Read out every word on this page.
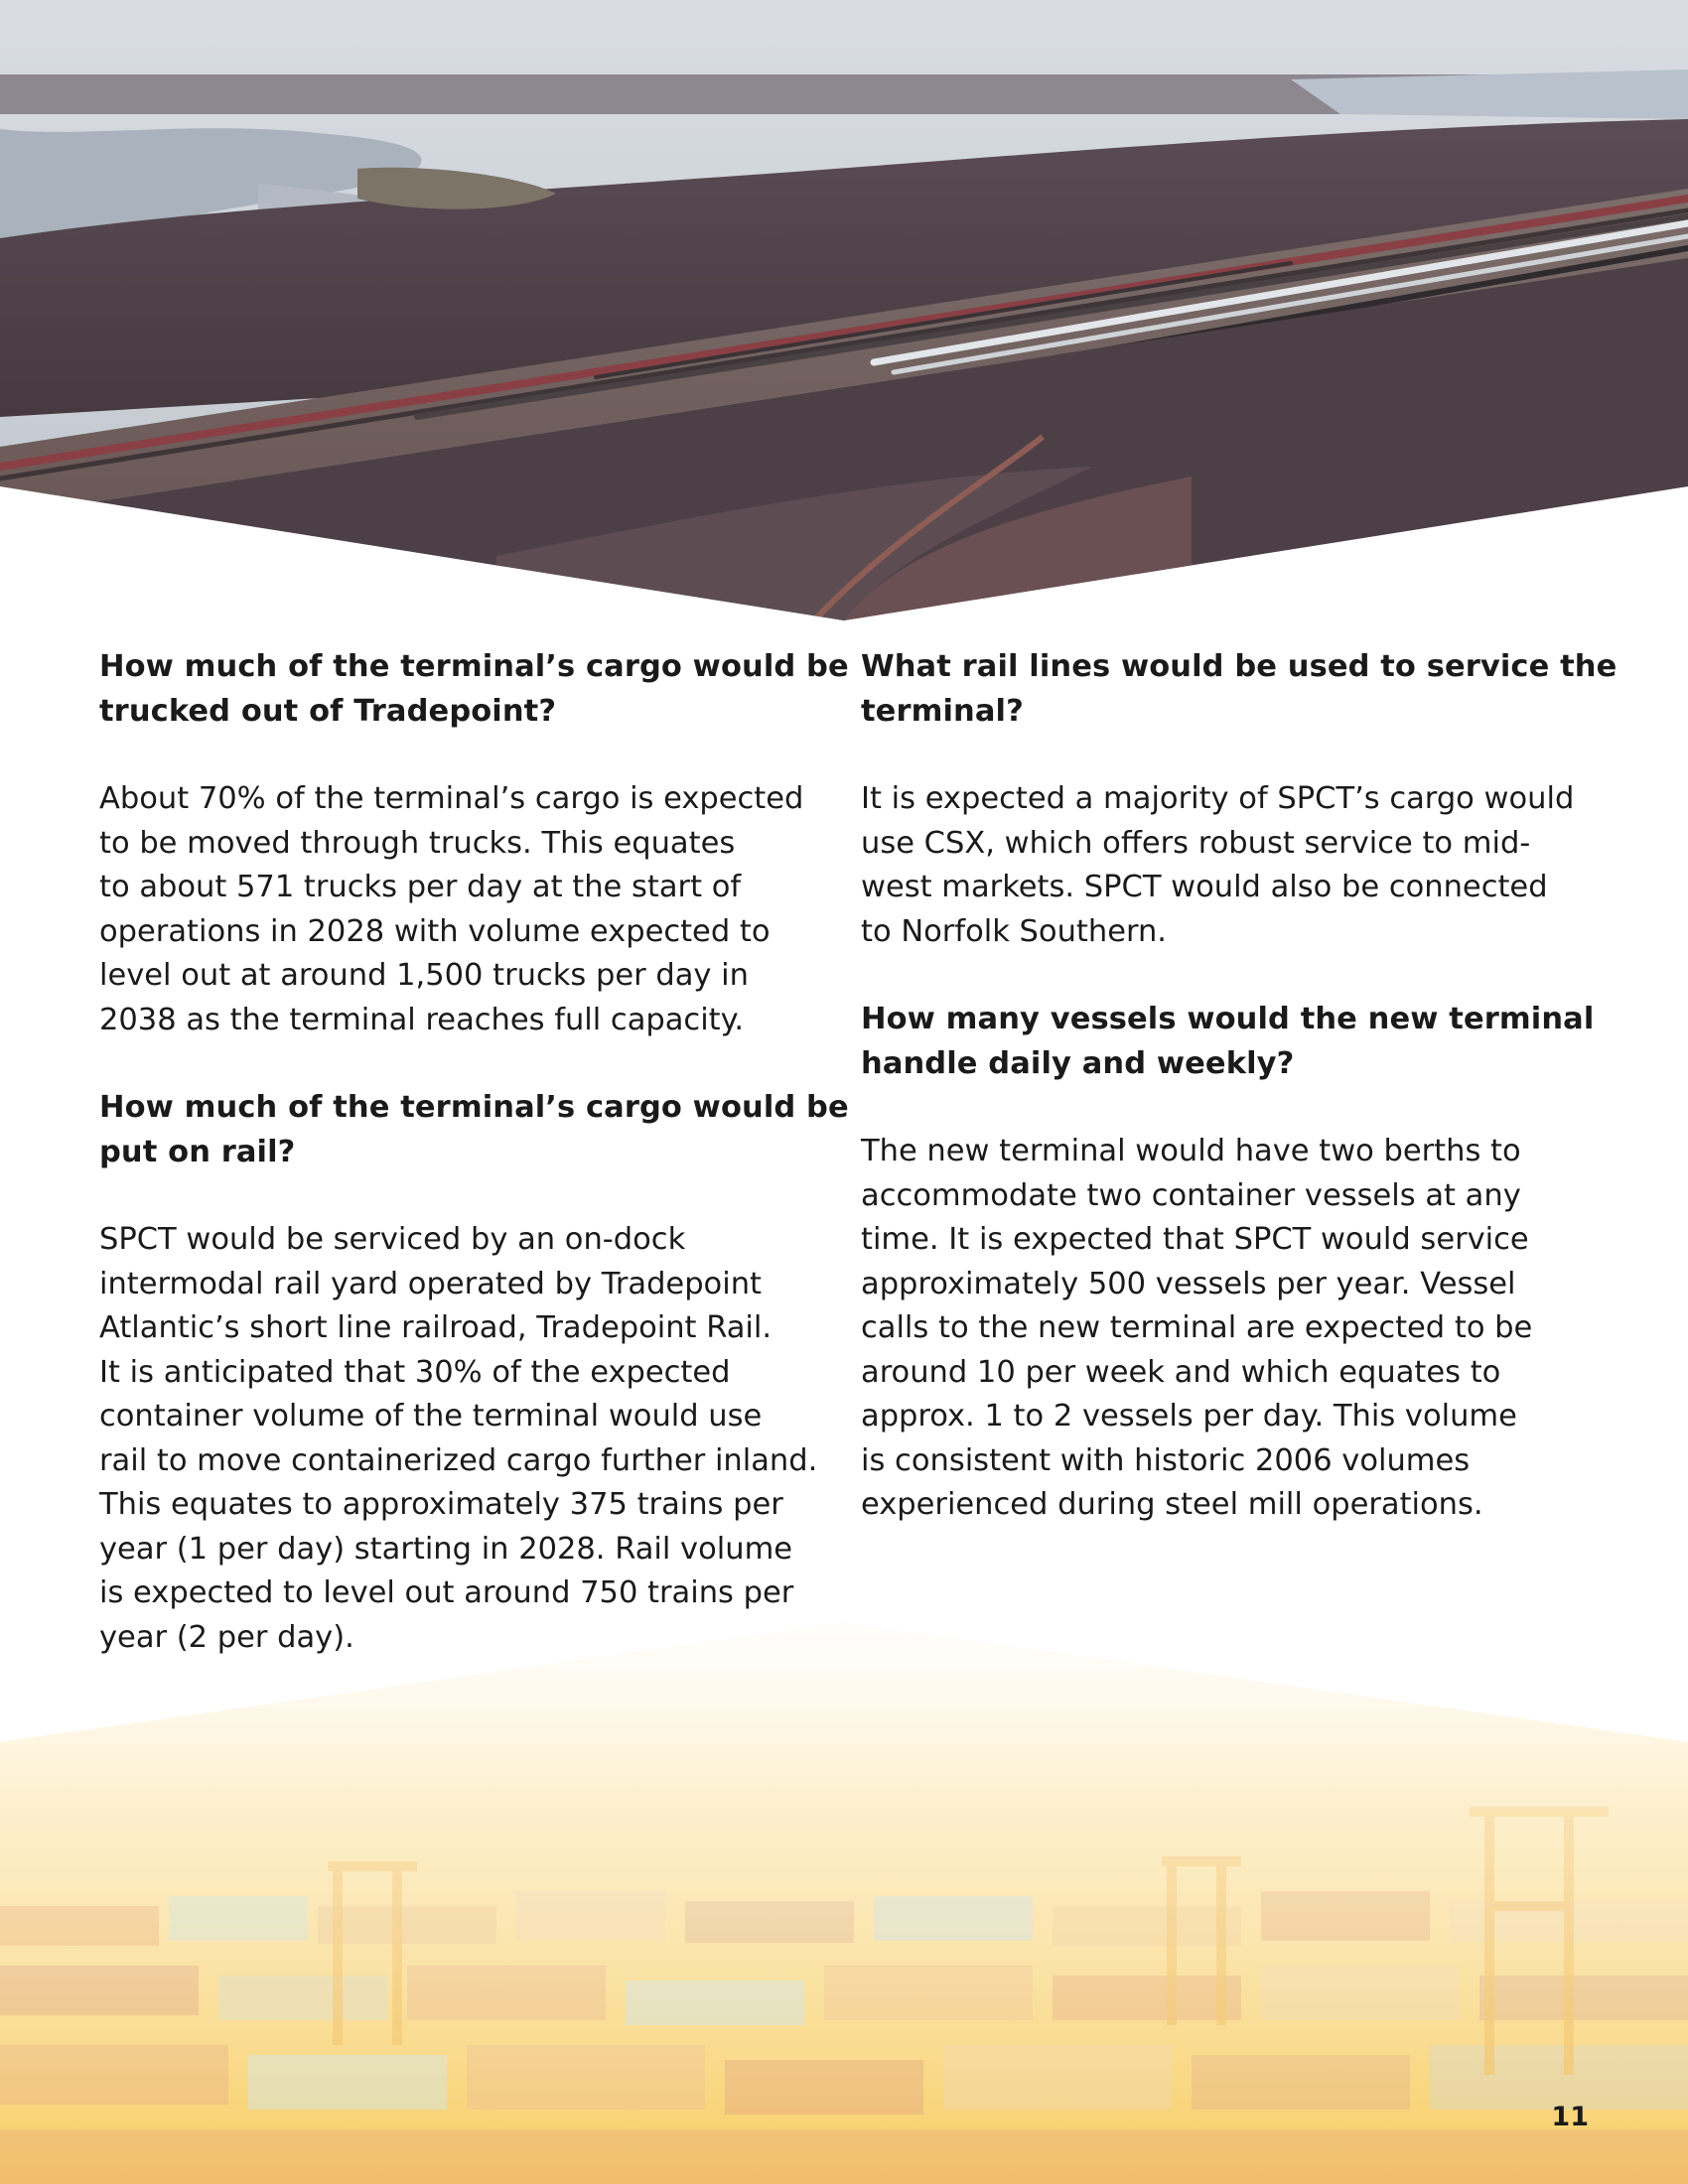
How much of the terminal’s cargo would be
trucked out of Tradepoint?

About 70% of the terminal’s cargo is expected
to be moved through trucks. This equates
to about 571 trucks per day at the start of
operations in 2028 with volume expected to
level out at around 1,500 trucks per day in
2038 as the terminal reaches full capacity.

How much of the terminal’s cargo would be
put on rail?

SPCT would be serviced by an on-dock
intermodal rail yard operated by Tradepoint
Atlantic’s short line railroad, Tradepoint Rail.
It is anticipated that 30% of the expected
container volume of the terminal would use
rail to move containerized cargo further inland.
This equates to approximately 375 trains per
year (1 per day) starting in 2028. Rail volume
is expected to level out around 750 trains per
year (2 per day).

What rail lines would be used to service the
terminal?

It is expected a majority of SPCT’s cargo would
use CSX, which offers robust service to mid-
west markets. SPCT would also be connected
to Norfolk Southern.

How many vessels would the new terminal
handle daily and weekly?

The new terminal would have two berths to
accommodate two container vessels at any
time. It is expected that SPCT would service
approximately 500 vessels per year. Vessel
calls to the new terminal are expected to be
around 10 per week and which equates to
approx. 1 to 2 vessels per day. This volume
is consistent with historic 2006 volumes
experienced during steel mill operations.

11
